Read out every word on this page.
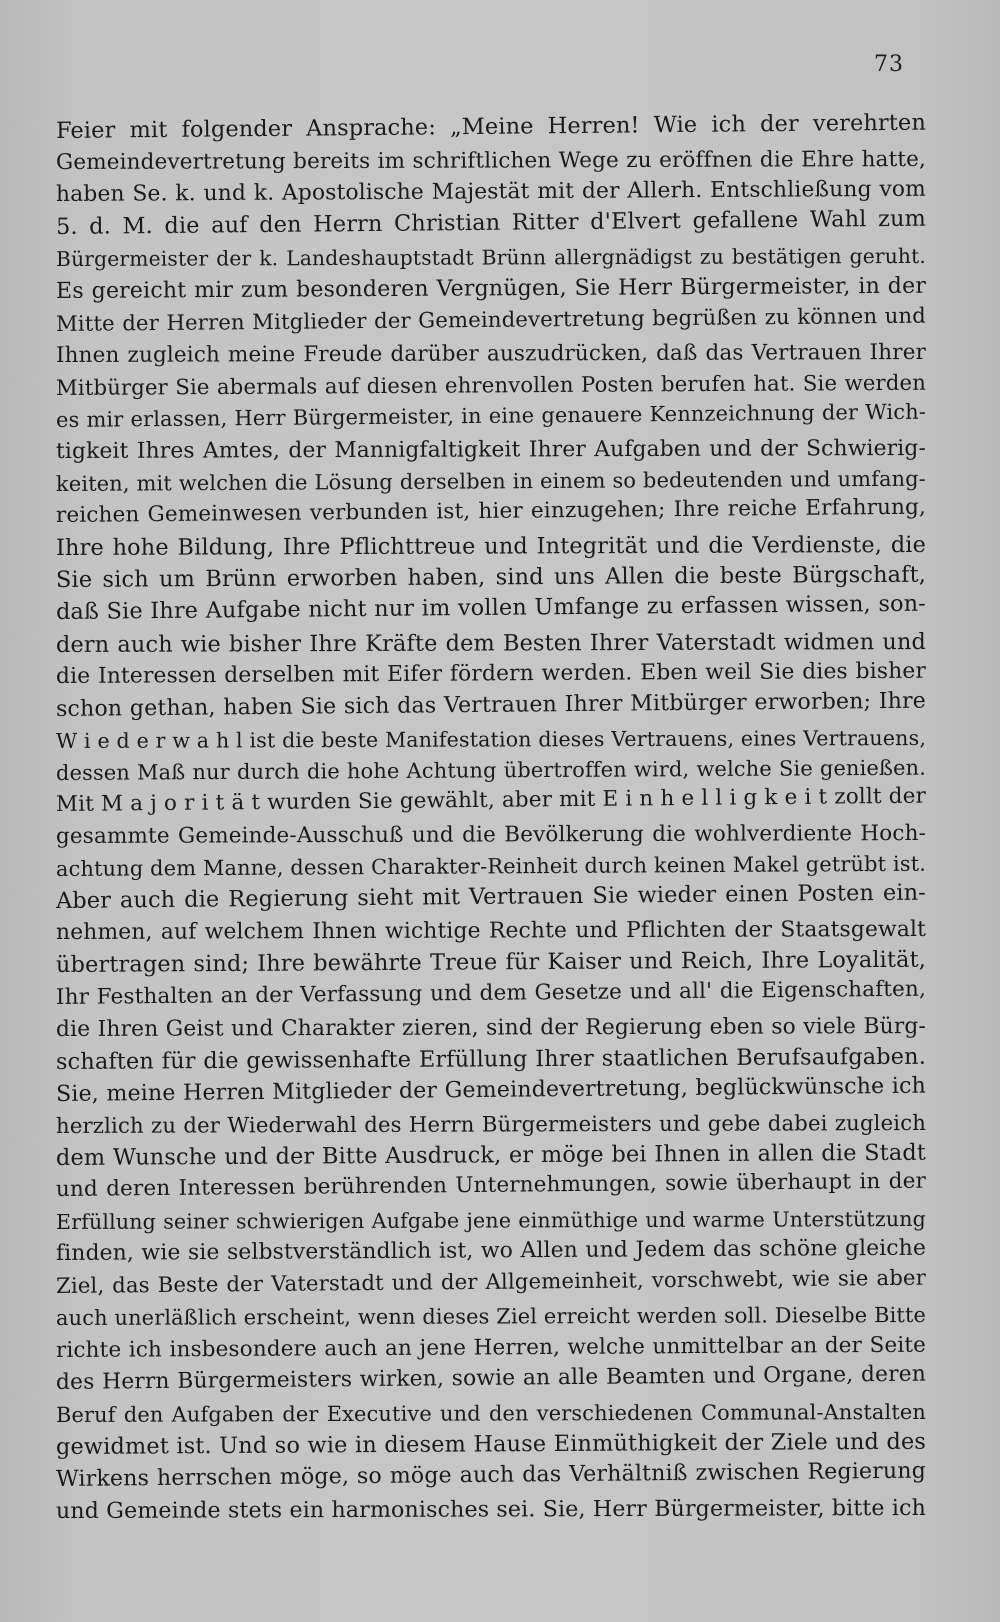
73
Feier mit folgender Ansprache: „Meine Herren! Wie ich der verehrten
Gemeindevertretung bereits im schriftlichen Wege zu eröffnen die Ehre hatte,
haben Se. k. und k. Apostolische Majestät mit der Allerh. Entschließung vom
5. d. M. die auf den Herrn Christian Ritter d'Elvert gefallene Wahl zum
Bürgermeister der k. Landeshauptstadt Brünn allergnädigst zu bestätigen geruht.
Es gereicht mir zum besonderen Vergnügen, Sie Herr Bürgermeister, in der
Mitte der Herren Mitglieder der Gemeindevertretung begrüßen zu können und
Ihnen zugleich meine Freude darüber auszudrücken, daß das Vertrauen Ihrer
Mitbürger Sie abermals auf diesen ehrenvollen Posten berufen hat. Sie werden
es mir erlassen, Herr Bürgermeister, in eine genauere Kennzeichnung der Wich-
tigkeit Ihres Amtes, der Mannigfaltigkeit Ihrer Aufgaben und der Schwierig-
keiten, mit welchen die Lösung derselben in einem so bedeutenden und umfang-
reichen Gemeinwesen verbunden ist, hier einzugehen; Ihre reiche Erfahrung,
Ihre hohe Bildung, Ihre Pflichttreue und Integrität und die Verdienste, die
Sie sich um Brünn erworben haben, sind uns Allen die beste Bürgschaft,
daß Sie Ihre Aufgabe nicht nur im vollen Umfange zu erfassen wissen, son-
dern auch wie bisher Ihre Kräfte dem Besten Ihrer Vaterstadt widmen und
die Interessen derselben mit Eifer fördern werden. Eben weil Sie dies bisher
schon gethan, haben Sie sich das Vertrauen Ihrer Mitbürger erworben; Ihre
W i e d e r w a h l ist die beste Manifestation dieses Vertrauens, eines Vertrauens,
dessen Maß nur durch die hohe Achtung übertroffen wird, welche Sie genießen.
Mit M a j o r i t ä t wurden Sie gewählt, aber mit E i n h e l l i g k e i t zollt der
gesammte Gemeinde-Ausschuß und die Bevölkerung die wohlverdiente Hoch-
achtung dem Manne, dessen Charakter-Reinheit durch keinen Makel getrübt ist.
Aber auch die Regierung sieht mit Vertrauen Sie wieder einen Posten ein-
nehmen, auf welchem Ihnen wichtige Rechte und Pflichten der Staatsgewalt
übertragen sind; Ihre bewährte Treue für Kaiser und Reich, Ihre Loyalität,
Ihr Festhalten an der Verfassung und dem Gesetze und all' die Eigenschaften,
die Ihren Geist und Charakter zieren, sind der Regierung eben so viele Bürg-
schaften für die gewissenhafte Erfüllung Ihrer staatlichen Berufsaufgaben.
Sie, meine Herren Mitglieder der Gemeindevertretung, beglückwünsche ich
herzlich zu der Wiederwahl des Herrn Bürgermeisters und gebe dabei zugleich
dem Wunsche und der Bitte Ausdruck, er möge bei Ihnen in allen die Stadt
und deren Interessen berührenden Unternehmungen, sowie überhaupt in der
Erfüllung seiner schwierigen Aufgabe jene einmüthige und warme Unterstützung
finden, wie sie selbstverständlich ist, wo Allen und Jedem das schöne gleiche
Ziel, das Beste der Vaterstadt und der Allgemeinheit, vorschwebt, wie sie aber
auch unerläßlich erscheint, wenn dieses Ziel erreicht werden soll. Dieselbe Bitte
richte ich insbesondere auch an jene Herren, welche unmittelbar an der Seite
des Herrn Bürgermeisters wirken, sowie an alle Beamten und Organe, deren
Beruf den Aufgaben der Executive und den verschiedenen Communal-Anstalten
gewidmet ist. Und so wie in diesem Hause Einmüthigkeit der Ziele und des
Wirkens herrschen möge, so möge auch das Verhältniß zwischen Regierung
und Gemeinde stets ein harmonisches sei. Sie, Herr Bürgermeister, bitte ich
